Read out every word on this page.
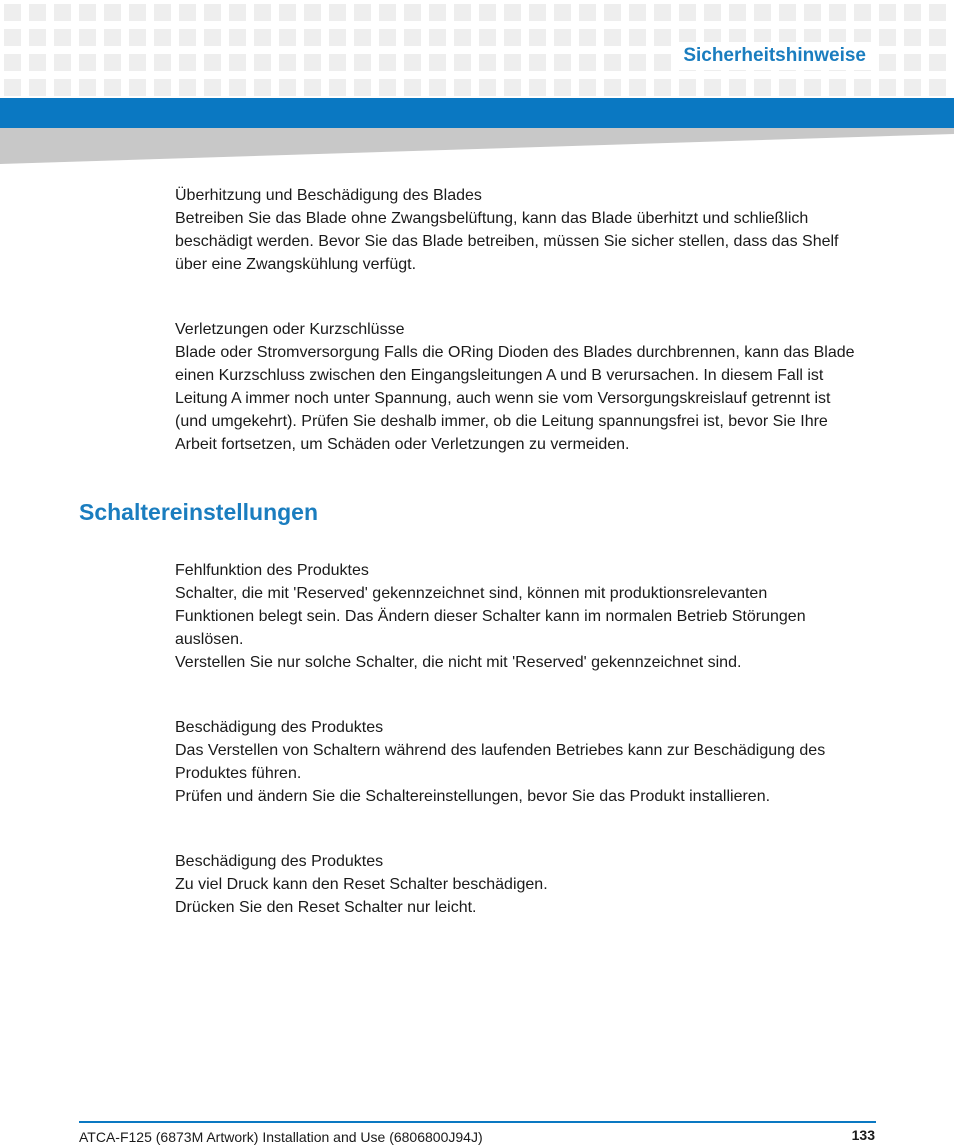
Sicherheitshinweise

Überhitzung und Beschädigung des Blades

Betreiben Sie das Blade ohne Zwangsbelüftung, kann das Blade überhitzt und schließlich

beschädigt werden. Bevor Sie das Blade betreiben, müssen Sie sicher stellen, dass das Shelf

über eine Zwangskühlung verfügt.

Verletzungen oder Kurzschlüsse

Blade oder Stromversorgung Falls die ORing Dioden des Blades durchbrennen, kann das Blade

einen Kurzschluss zwischen den Eingangsleitungen A und B verursachen. In diesem Fall ist

Leitung A immer noch unter Spannung, auch wenn sie vom Versorgungskreislauf getrennt ist

(und umgekehrt). Prüfen Sie deshalb immer, ob die Leitung spannungsfrei ist, bevor Sie Ihre

Arbeit fortsetzen, um Schäden oder Verletzungen zu vermeiden.

Schaltereinstellungen

Fehlfunktion des Produktes

Schalter, die mit 'Reserved' gekennzeichnet sind, können mit produktionsrelevanten

Funktionen belegt sein. Das Ändern dieser Schalter kann im normalen Betrieb Störungen

auslösen.

Verstellen Sie nur solche Schalter, die nicht mit 'Reserved' gekennzeichnet sind.

Beschädigung des Produktes

Das Verstellen von Schaltern während des laufenden Betriebes kann zur Beschädigung des

Produktes führen.

Prüfen und ändern Sie die Schaltereinstellungen, bevor Sie das Produkt installieren.

Beschädigung des Produktes

Zu viel Druck kann den Reset Schalter beschädigen.

Drücken Sie den Reset Schalter nur leicht.

ATCA-F125 (6873M Artwork) Installation and Use (6806800J94J)	133
